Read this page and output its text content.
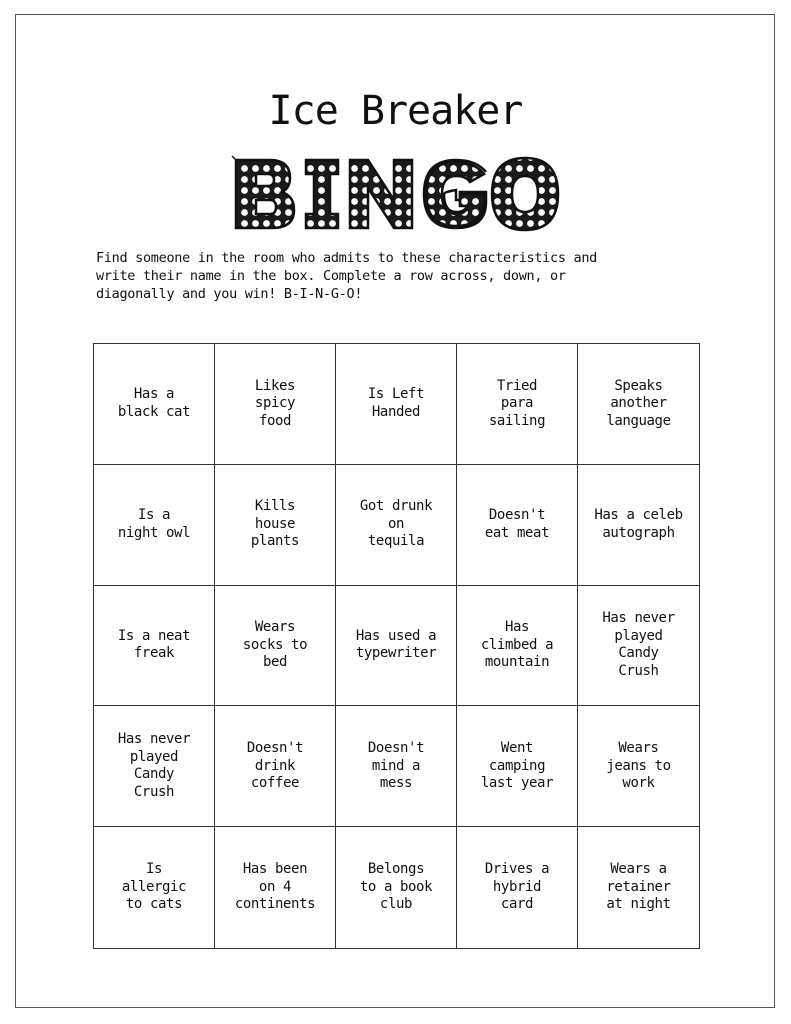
Ice Breaker
Find someone in the room who admits to these characteristics and
write their name in the box. Complete a row across, down, or
diagonally and you win! B-I-N-G-O!
Has a
black cat
Likes
spicy
food
Is Left
Handed
Tried
para
sailing
Speaks
another
language
Is a
night owl
Kills
house
plants
Got drunk
on
tequila
Doesn't
eat meat
Has a celeb
autograph
Is a neat
freak
Wears
socks to
bed
Has used a
typewriter
Has
climbed a
mountain
Has never
played
Candy
Crush
Has never
played
Candy
Crush
Doesn't
drink
coffee
Doesn't
mind a
mess
Went
camping
last year
Wears
jeans to
work
Is
allergic
to cats
Has been
on 4
continents
Belongs
to a book
club
Drives a
hybrid
card
Wears a
retainer
at night
